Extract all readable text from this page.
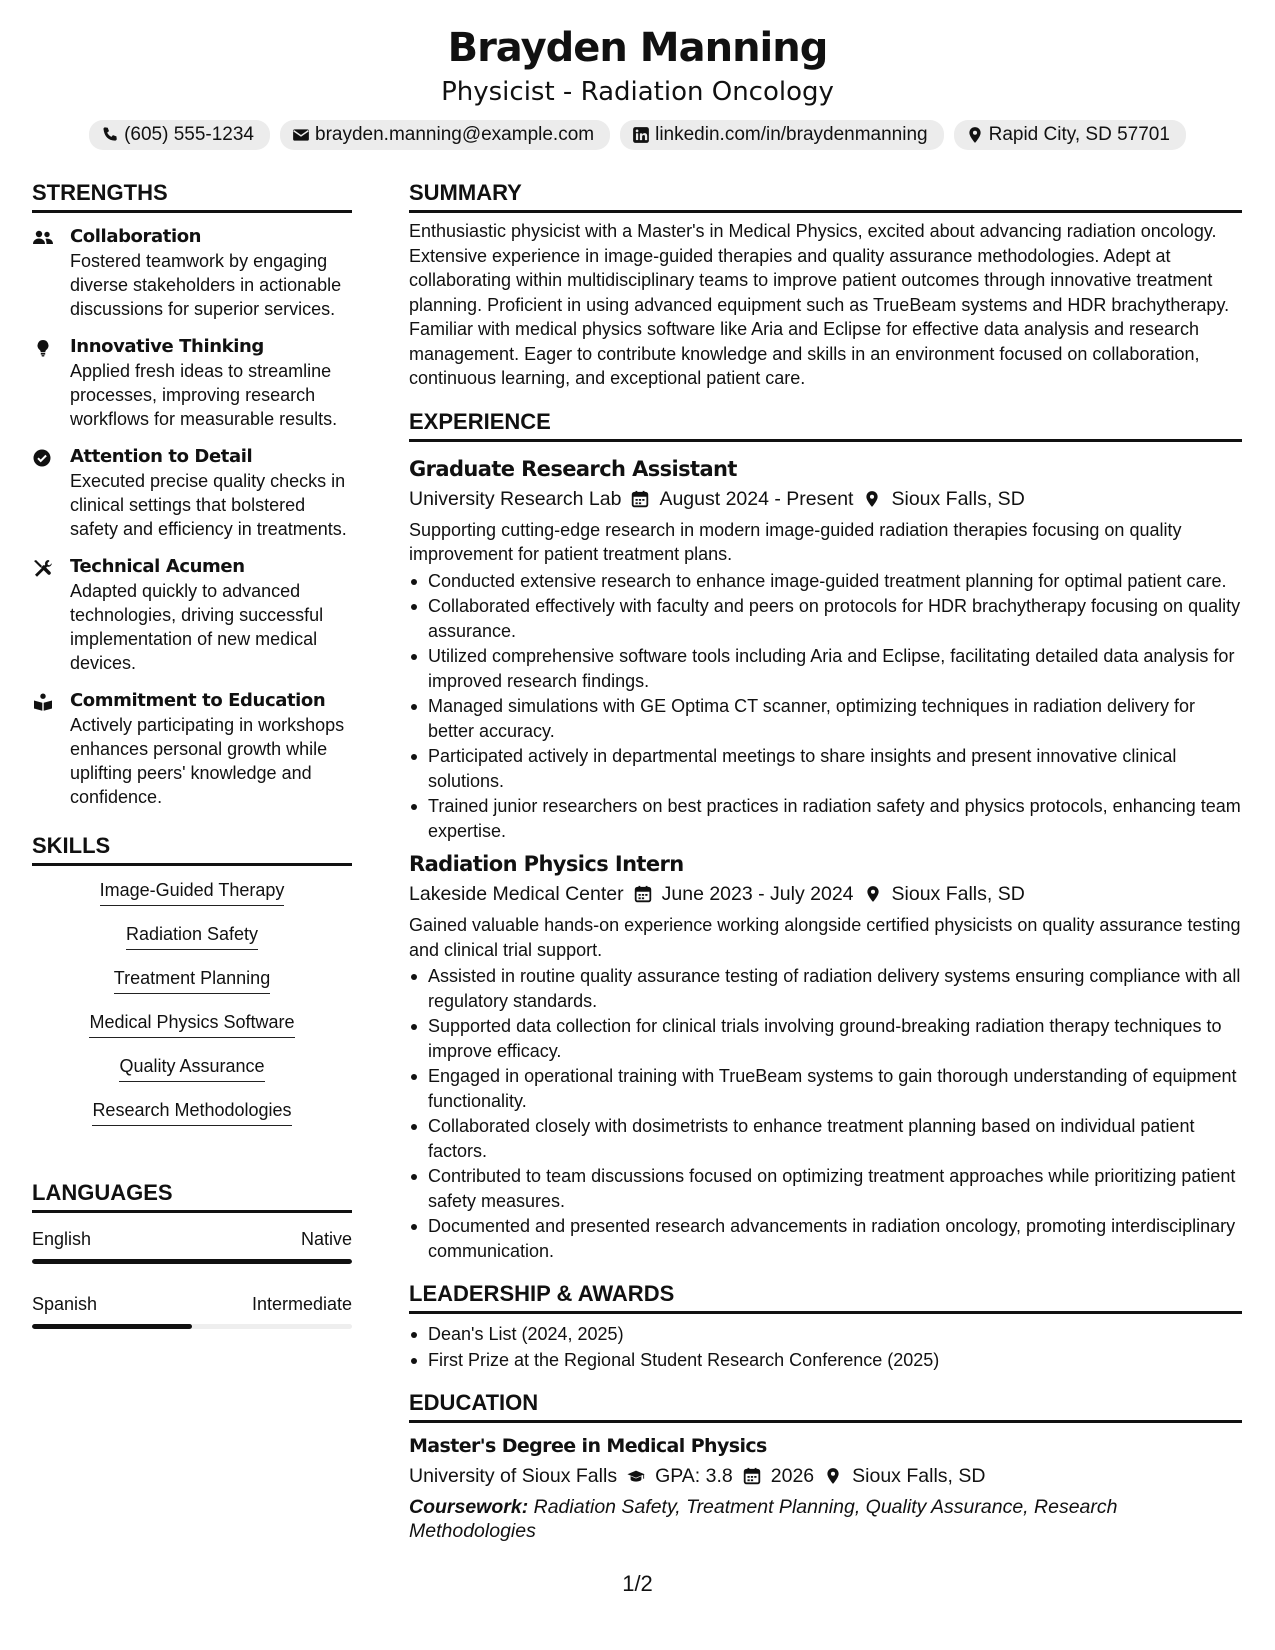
Brayden Manning
Physicist - Radiation Oncology
(605) 555-1234	brayden.manning@example.com	linkedin.com/in/braydenmanning	Rapid City, SD 57701
STRENGTHS
Collaboration
Fostered teamwork by engaging diverse stakeholders in actionable discussions for superior services.
Innovative Thinking
Applied fresh ideas to streamline processes, improving research workflows for measurable results.
Attention to Detail
Executed precise quality checks in clinical settings that bolstered safety and efficiency in treatments.
Technical Acumen
Adapted quickly to advanced technologies, driving successful implementation of new medical devices.
Commitment to Education
Actively participating in workshops enhances personal growth while uplifting peers' knowledge and confidence.
SKILLS
Image-Guided Therapy
Radiation Safety
Treatment Planning
Medical Physics Software
Quality Assurance
Research Methodologies
LANGUAGES
English	Native
Spanish	Intermediate
SUMMARY
Enthusiastic physicist with a Master's in Medical Physics, excited about advancing radiation oncology. Extensive experience in image-guided therapies and quality assurance methodologies. Adept at collaborating within multidisciplinary teams to improve patient outcomes through innovative treatment planning. Proficient in using advanced equipment such as TrueBeam systems and HDR brachytherapy. Familiar with medical physics software like Aria and Eclipse for effective data analysis and research management. Eager to contribute knowledge and skills in an environment focused on collaboration, continuous learning, and exceptional patient care.
EXPERIENCE
Graduate Research Assistant
University Research Lab August 2024 - Present Sioux Falls, SD
Supporting cutting-edge research in modern image-guided radiation therapies focusing on quality improvement for patient treatment plans.
Conducted extensive research to enhance image-guided treatment planning for optimal patient care.
Collaborated effectively with faculty and peers on protocols for HDR brachytherapy focusing on quality assurance.
Utilized comprehensive software tools including Aria and Eclipse, facilitating detailed data analysis for improved research findings.
Managed simulations with GE Optima CT scanner, optimizing techniques in radiation delivery for better accuracy.
Participated actively in departmental meetings to share insights and present innovative clinical solutions.
Trained junior researchers on best practices in radiation safety and physics protocols, enhancing team expertise.
Radiation Physics Intern
Lakeside Medical Center June 2023 - July 2024 Sioux Falls, SD
Gained valuable hands-on experience working alongside certified physicists on quality assurance testing and clinical trial support.
Assisted in routine quality assurance testing of radiation delivery systems ensuring compliance with all regulatory standards.
Supported data collection for clinical trials involving ground-breaking radiation therapy techniques to improve efficacy.
Engaged in operational training with TrueBeam systems to gain thorough understanding of equipment functionality.
Collaborated closely with dosimetrists to enhance treatment planning based on individual patient factors.
Contributed to team discussions focused on optimizing treatment approaches while prioritizing patient safety measures.
Documented and presented research advancements in radiation oncology, promoting interdisciplinary communication.
LEADERSHIP & AWARDS
Dean's List (2024, 2025)
First Prize at the Regional Student Research Conference (2025)
EDUCATION
Master's Degree in Medical Physics
University of Sioux Falls GPA: 3.8 2026 Sioux Falls, SD
Coursework: Radiation Safety, Treatment Planning, Quality Assurance, Research Methodologies
1/2
